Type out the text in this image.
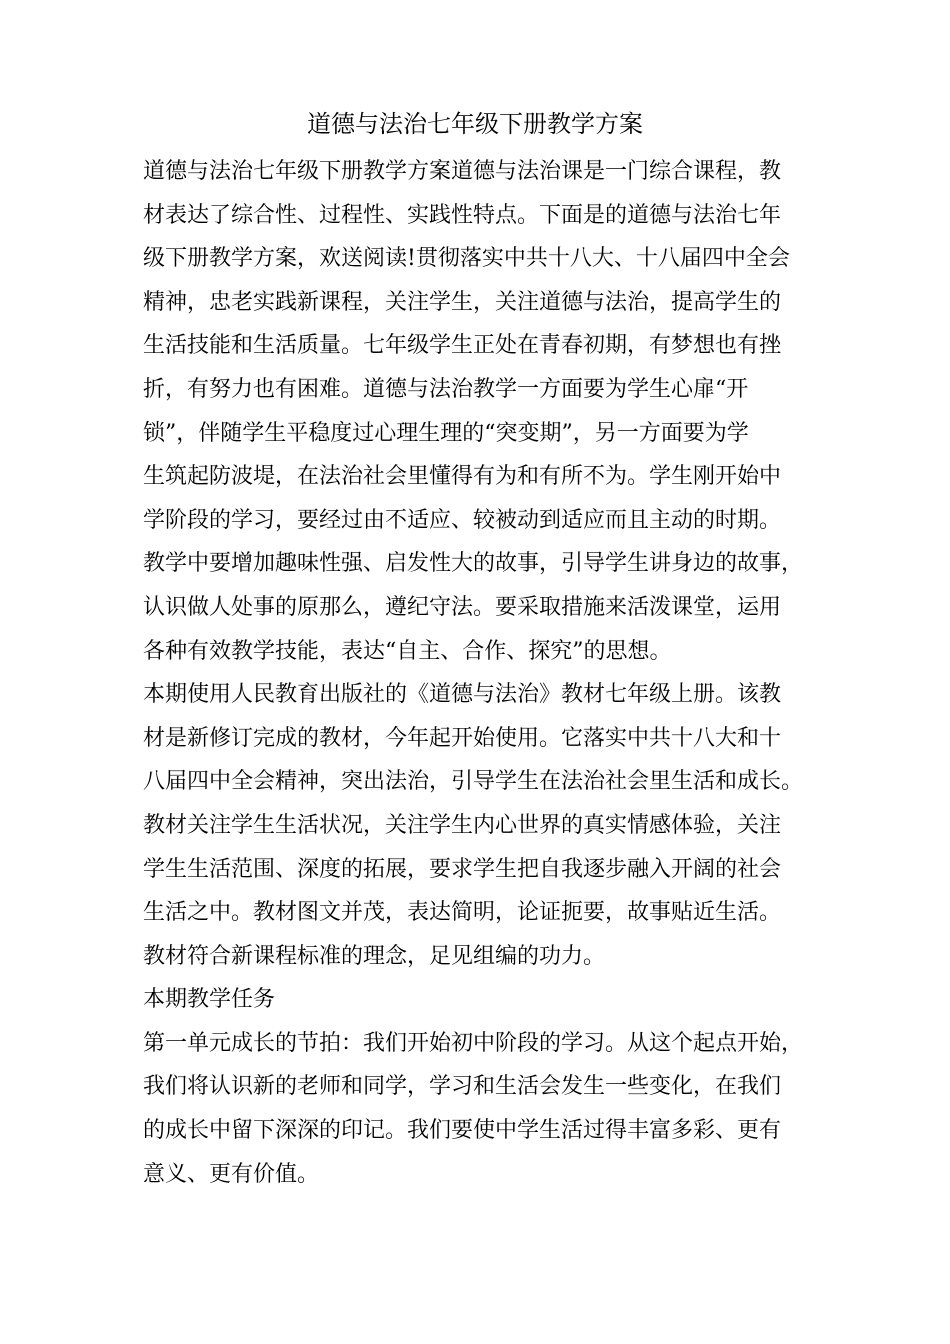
道德与法治七年级下册教学方案
道德与法治七年级下册教学方案道德与法治课是一门综合课程，教
材表达了综合性、过程性、实践性特点。下面是的道德与法治七年
级下册教学方案，欢送阅读!贯彻落实中共十八大、十八届四中全会
精神，忠老实践新课程，关注学生，关注道德与法治，提高学生的
生活技能和生活质量。七年级学生正处在青春初期，有梦想也有挫
折，有努力也有困难。道德与法治教学一方面要为学生心扉“开
锁”，伴随学生平稳度过心理生理的“突变期”，另一方面要为学
生筑起防波堤，在法治社会里懂得有为和有所不为。学生刚开始中
学阶段的学习，要经过由不适应、较被动到适应而且主动的时期。
教学中要增加趣味性强、启发性大的故事，引导学生讲身边的故事，
认识做人处事的原那么，遵纪守法。要采取措施来活泼课堂，运用
各种有效教学技能，表达“自主、合作、探究”的思想。
本期使用人民教育出版社的《道德与法治》教材七年级上册。该教
材是新修订完成的教材，今年起开始使用。它落实中共十八大和十
八届四中全会精神，突出法治，引导学生在法治社会里生活和成长。
教材关注学生生活状况，关注学生内心世界的真实情感体验，关注
学生生活范围、深度的拓展，要求学生把自我逐步融入开阔的社会
生活之中。教材图文并茂，表达简明，论证扼要，故事贴近生活。
教材符合新课程标准的理念，足见组编的功力。
本期教学任务
第一单元成长的节拍：我们开始初中阶段的学习。从这个起点开始，
我们将认识新的老师和同学，学习和生活会发生一些变化，在我们
的成长中留下深深的印记。我们要使中学生活过得丰富多彩、更有
意义、更有价值。
